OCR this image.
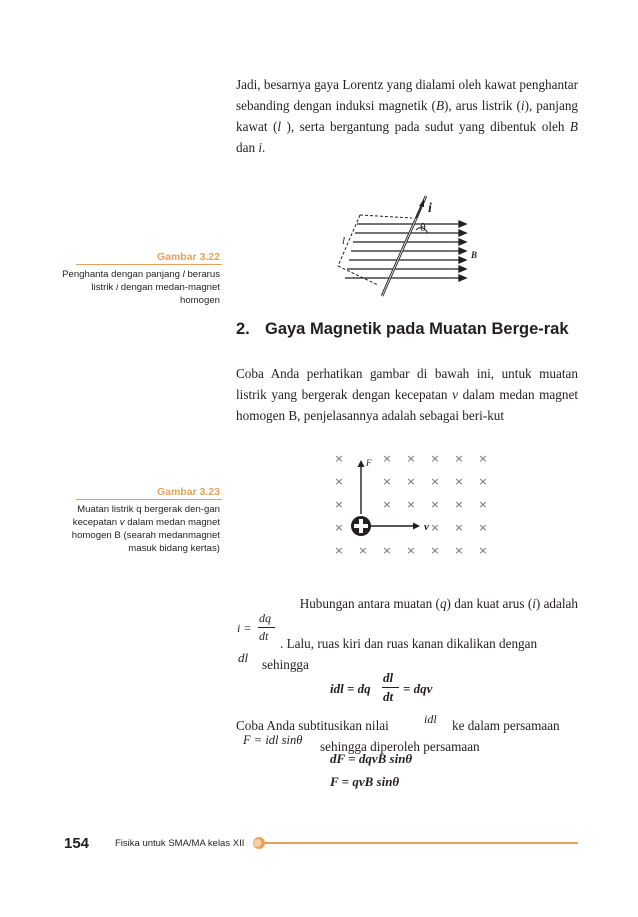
Jadi, besarnya gaya Lorentz yang dialami oleh kawat penghantar sebanding dengan induksi magnetik (B), arus listrik (i), panjang kawat (l ), serta bergantung pada sudut yang dibentuk oleh B dan i.
Gambar 3.22
Penghanta dengan panjang l berarus listrik i dengan medan-magnet homogen
i
θ
l
B
2. Gaya Magnetik pada Muatan Berge-rak
Coba Anda perhatikan gambar di bawah ini, untuk muatan listrik yang bergerak dengan kecepatan v dalam medan magnet homogen B, penjelasannya adalah sebagai beri-kut
Gambar 3.23
Muatan listrik q bergerak den-gan kecepatan v dalam medan magnet homogen B (searah medanmagnet masuk bidang kertas)
×	× × × × ×
×	× × × × ×
×	× × × × ×
×	× × ×
× × × × × × ×
F
v
Hubungan antara muatan (q) dan kuat arus (i) adalah
i =
dq
dt . Lalu, ruas kiri dan ruas kanan dikalikan dengan
dl sehingga
idl = dq
dl
dt
= dqv
Coba Anda subtitusikan nilai	idl ke dalam persamaan
F = idl sinθ sehingga diperoleh persamaan
dF = dqvB sinθ
F = qvB sinθ
154	Fisika untuk SMA/MA kelas XII
